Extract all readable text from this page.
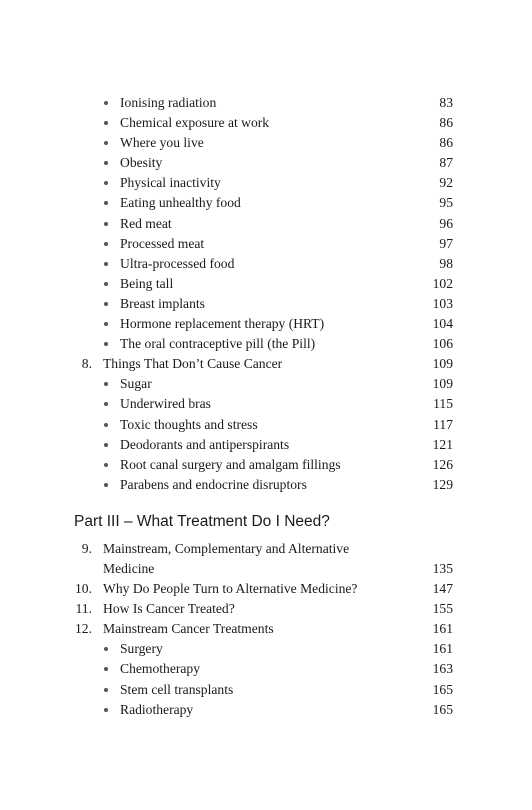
Ionising radiation	83
Chemical exposure at work	86
Where you live	86
Obesity	87
Physical inactivity	92
Eating unhealthy food	95
Red meat	96
Processed meat	97
Ultra-processed food	98
Being tall	102
Breast implants	103
Hormone replacement therapy (HRT)	104
The oral contraceptive pill (the Pill)	106
8. Things That Don’t Cause Cancer	109
Sugar	109
Underwired bras	115
Toxic thoughts and stress	117
Deodorants and antiperspirants	121
Root canal surgery and amalgam fillings	126
Parabens and endocrine disruptors	129
Part III – What Treatment Do I Need?
9. Mainstream, Complementary and Alternative
Medicine	135
10. Why Do People Turn to Alternative Medicine?	147
11. How Is Cancer Treated?	155
12. Mainstream Cancer Treatments	161
Surgery	161
Chemotherapy	163
Stem cell transplants	165
Radiotherapy	165
